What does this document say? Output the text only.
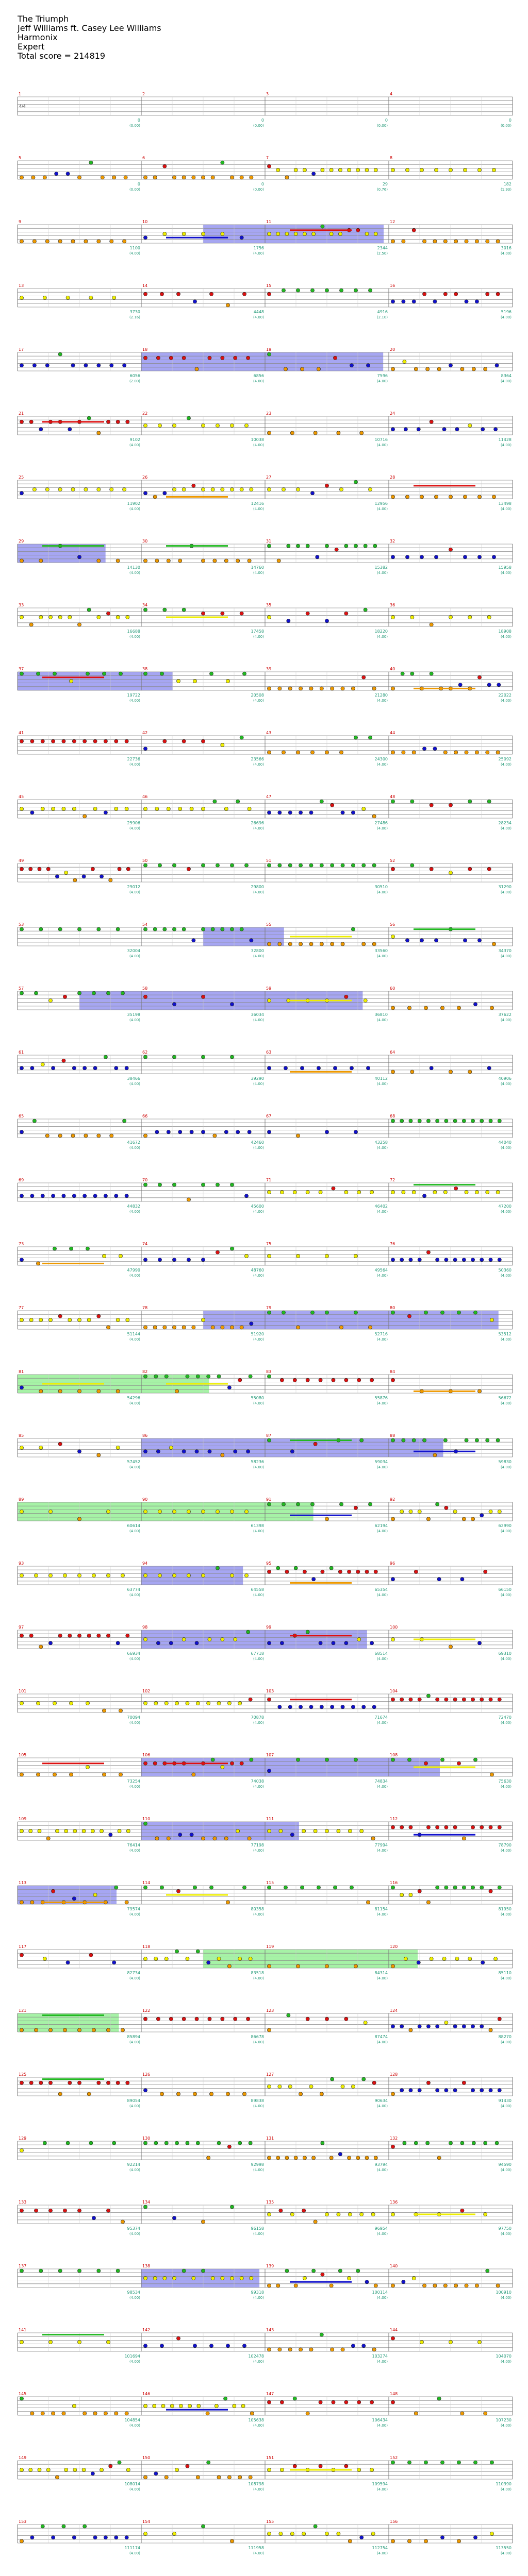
The Triumph
Jeff Williams ft. Casey Lee Williams
Harmonix
Expert
Total score = 214819
1
0
(0.00)
2
0
(0.00)
3
0
(0.00)
4
0
(0.00)
4/4
5
0
(0.00)
6
0
(0.00)
7
29
(0.76)
8
182
(1.93)
9
1100
(4.00)
10
1756
(4.00)
11
2344
(2.50)
12
3016
(4.00)
13
3730
(2.16)
14
4448
(4.00)
15
4916
(2.10)
16
5196
(4.00)
17
6056
(2.00)
18
6856
(4.00)
19
7596
(4.00)
20
8364
(4.00)
21
9102
(4.00)
22
10038
(4.00)
23
10716
(4.00)
24
11428
(4.00)
25
11902
(4.00)
26
12416
(4.00)
27
12956
(4.00)
28
13498
(4.00)
29
14130
(4.00)
30
14760
(4.00)
31
15382
(4.00)
32
15958
(4.00)
33
16688
(4.00)
34
17458
(4.00)
35
18220
(4.00)
36
18908
(4.00)
37
19722
(4.00)
38
20508
(4.00)
39
21280
(4.00)
40
22022
(4.00)
41
22736
(4.00)
42
23566
(4.00)
43
24300
(4.00)
44
25092
(4.00)
45
25906
(4.00)
46
26696
(4.00)
47
27486
(4.00)
48
28234
(4.00)
49
29012
(4.00)
50
29800
(4.00)
51
30510
(4.00)
52
31290
(4.00)
53
32004
(4.00)
54
32800
(4.00)
55
33560
(4.00)
56
34370
(4.00)
57
35198
(4.00)
58
36034
(4.00)
59
36810
(4.00)
60
37622
(4.00)
61
38466
(4.00)
62
39290
(4.00)
63
40112
(4.00)
64
40906
(4.00)
65
41672
(4.00)
66
42460
(4.00)
67
43258
(4.00)
68
44040
(4.00)
69
44832
(4.00)
70
45600
(4.00)
71
46402
(4.00)
72
47200
(4.00)
73
47990
(4.00)
74
48760
(4.00)
75
49564
(4.00)
76
50360
(4.00)
77
51144
(4.00)
78
51920
(4.00)
79
52716
(4.00)
80
53512
(4.00)
81
54296
(4.00)
82
55080
(4.00)
83
55876
(4.00)
84
56672
(4.00)
85
57452
(4.00)
86
58236
(4.00)
87
59034
(4.00)
88
59830
(4.00)
89
60614
(4.00)
90
61398
(4.00)
91
62194
(4.00)
92
62990
(4.00)
93
63774
(4.00)
94
64558
(4.00)
95
65354
(4.00)
96
66150
(4.00)
97
66934
(4.00)
98
67718
(4.00)
99
68514
(4.00)
100
69310
(4.00)
101
70094
(4.00)
102
70878
(4.00)
103
71674
(4.00)
104
72470
(4.00)
105
73254
(4.00)
106
74038
(4.00)
107
74834
(4.00)
108
75630
(4.00)
109
76414
(4.00)
110
77198
(4.00)
111
77994
(4.00)
112
78790
(4.00)
113
79574
(4.00)
114
80358
(4.00)
115
81154
(4.00)
116
81950
(4.00)
117
82734
(4.00)
118
83518
(4.00)
119
84314
(4.00)
120
85110
(4.00)
121
85894
(4.00)
122
86678
(4.00)
123
87474
(4.00)
124
88270
(4.00)
125
89054
(4.00)
126
89838
(4.00)
127
90634
(4.00)
128
91430
(4.00)
129
92214
(4.00)
130
92998
(4.00)
131
93794
(4.00)
132
94590
(4.00)
133
95374
(4.00)
134
96158
(4.00)
135
96954
(4.00)
136
97750
(4.00)
137
98534
(4.00)
138
99318
(4.00)
139
100114
(4.00)
140
100910
(4.00)
141
101694
(4.00)
142
102478
(4.00)
143
103274
(4.00)
144
104070
(4.00)
145
104854
(4.00)
146
105638
(4.00)
147
106434
(4.00)
148
107230
(4.00)
149
108014
(4.00)
150
108798
(4.00)
151
109594
(4.00)
152
110390
(4.00)
153
111174
(4.00)
154
111958
(4.00)
155
112754
(4.00)
156
113550
(4.00)
